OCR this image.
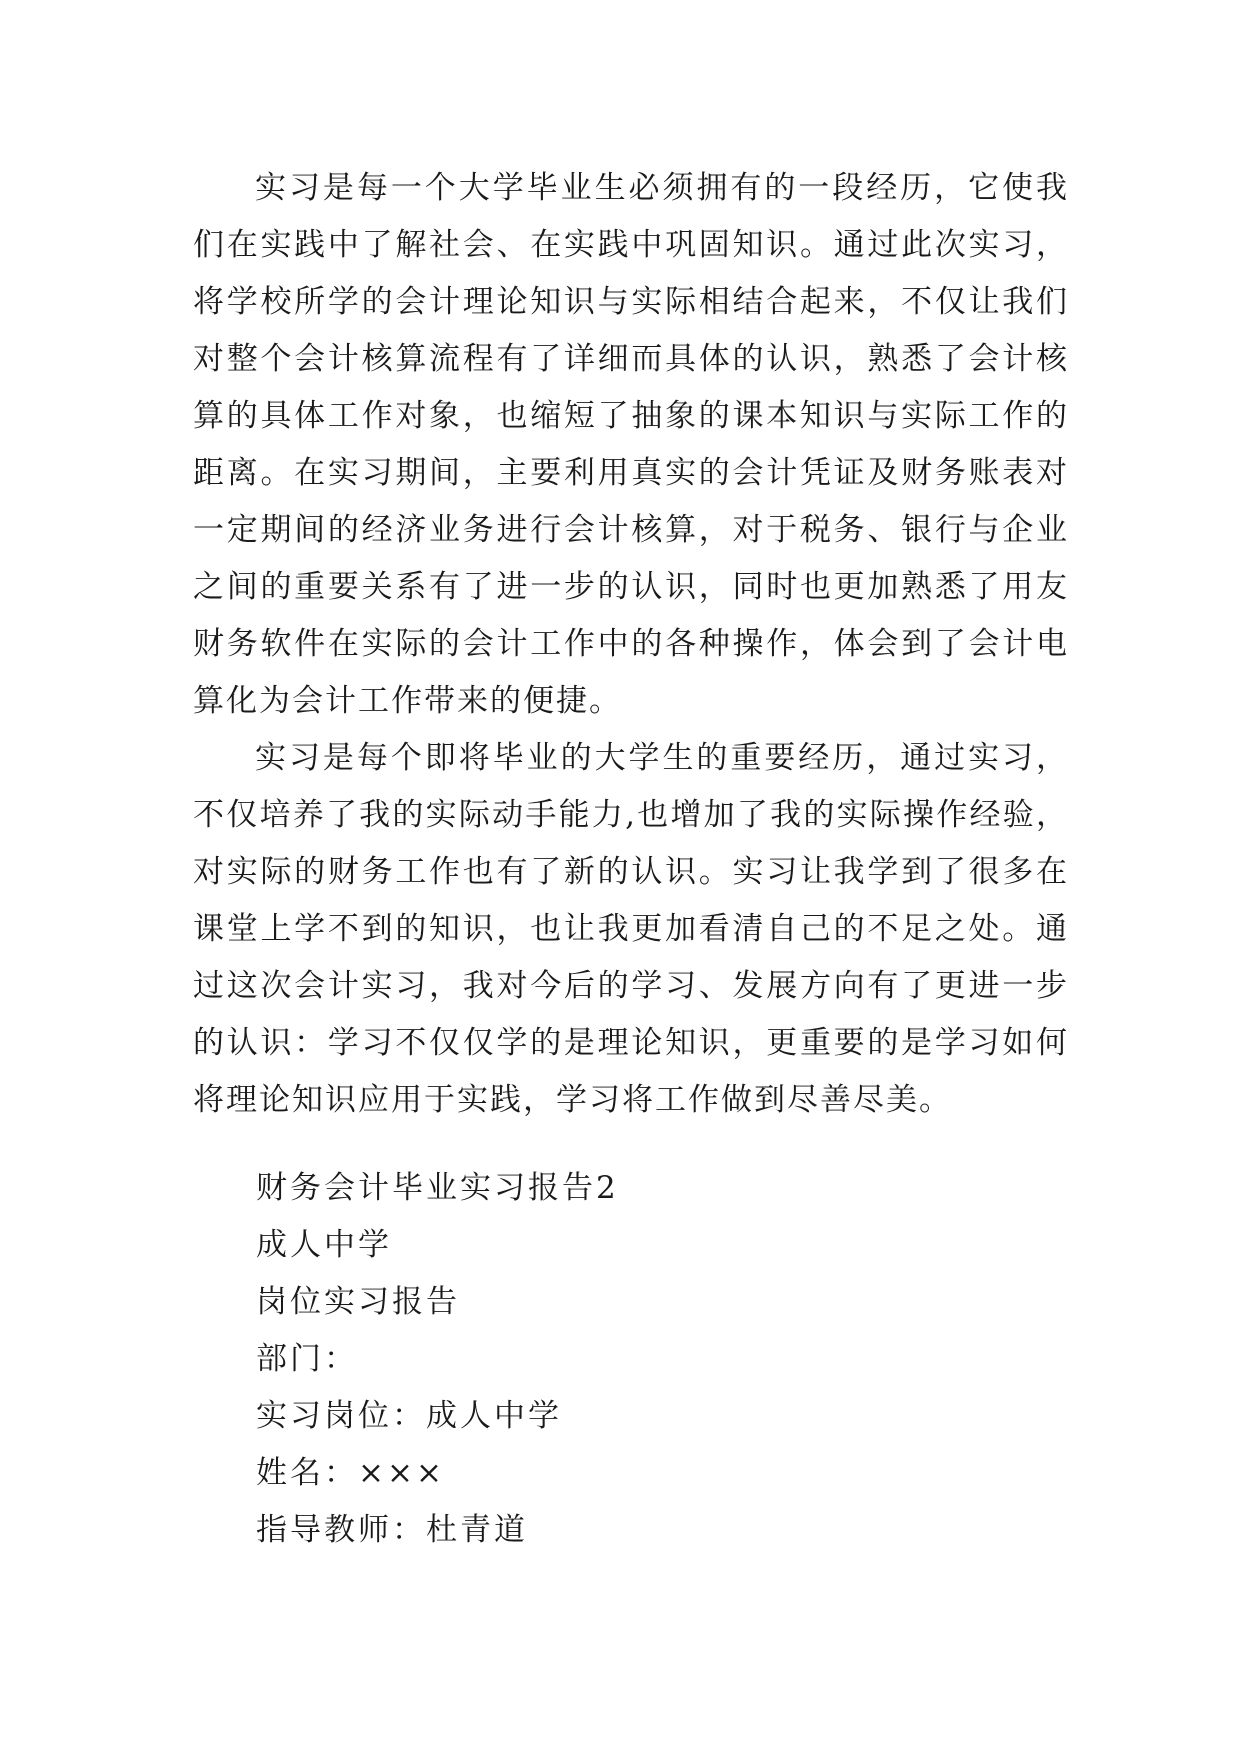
实习是每一个大学毕业生必须拥有的一段经历，它使我们在实践中了解社会、在实践中巩固知识。通过此次实习，将学校所学的会计理论知识与实际相结合起来，不仅让我们对整个会计核算流程有了详细而具体的认识，熟悉了会计核算的具体工作对象，也缩短了抽象的课本知识与实际工作的距离。在实习期间，主要利用真实的会计凭证及财务账表对一定期间的经济业务进行会计核算，对于税务、银行与企业之间的重要关系有了进一步的认识，同时也更加熟悉了用友财务软件在实际的会计工作中的各种操作，体会到了会计电算化为会计工作带来的便捷。

实习是每个即将毕业的大学生的重要经历，通过实习，不仅培养了我的实际动手能力,也增加了我的实际操作经验，对实际的财务工作也有了新的认识。实习让我学到了很多在课堂上学不到的知识，也让我更加看清自己的不足之处。通过这次会计实习，我对今后的学习、发展方向有了更进一步的认识：学习不仅仅学的是理论知识，更重要的是学习如何将理论知识应用于实践，学习将工作做到尽善尽美。

财务会计毕业实习报告2

成人中学

岗位实习报告

部门：

实习岗位：成人中学

姓名：×××

指导教师：杜青道
